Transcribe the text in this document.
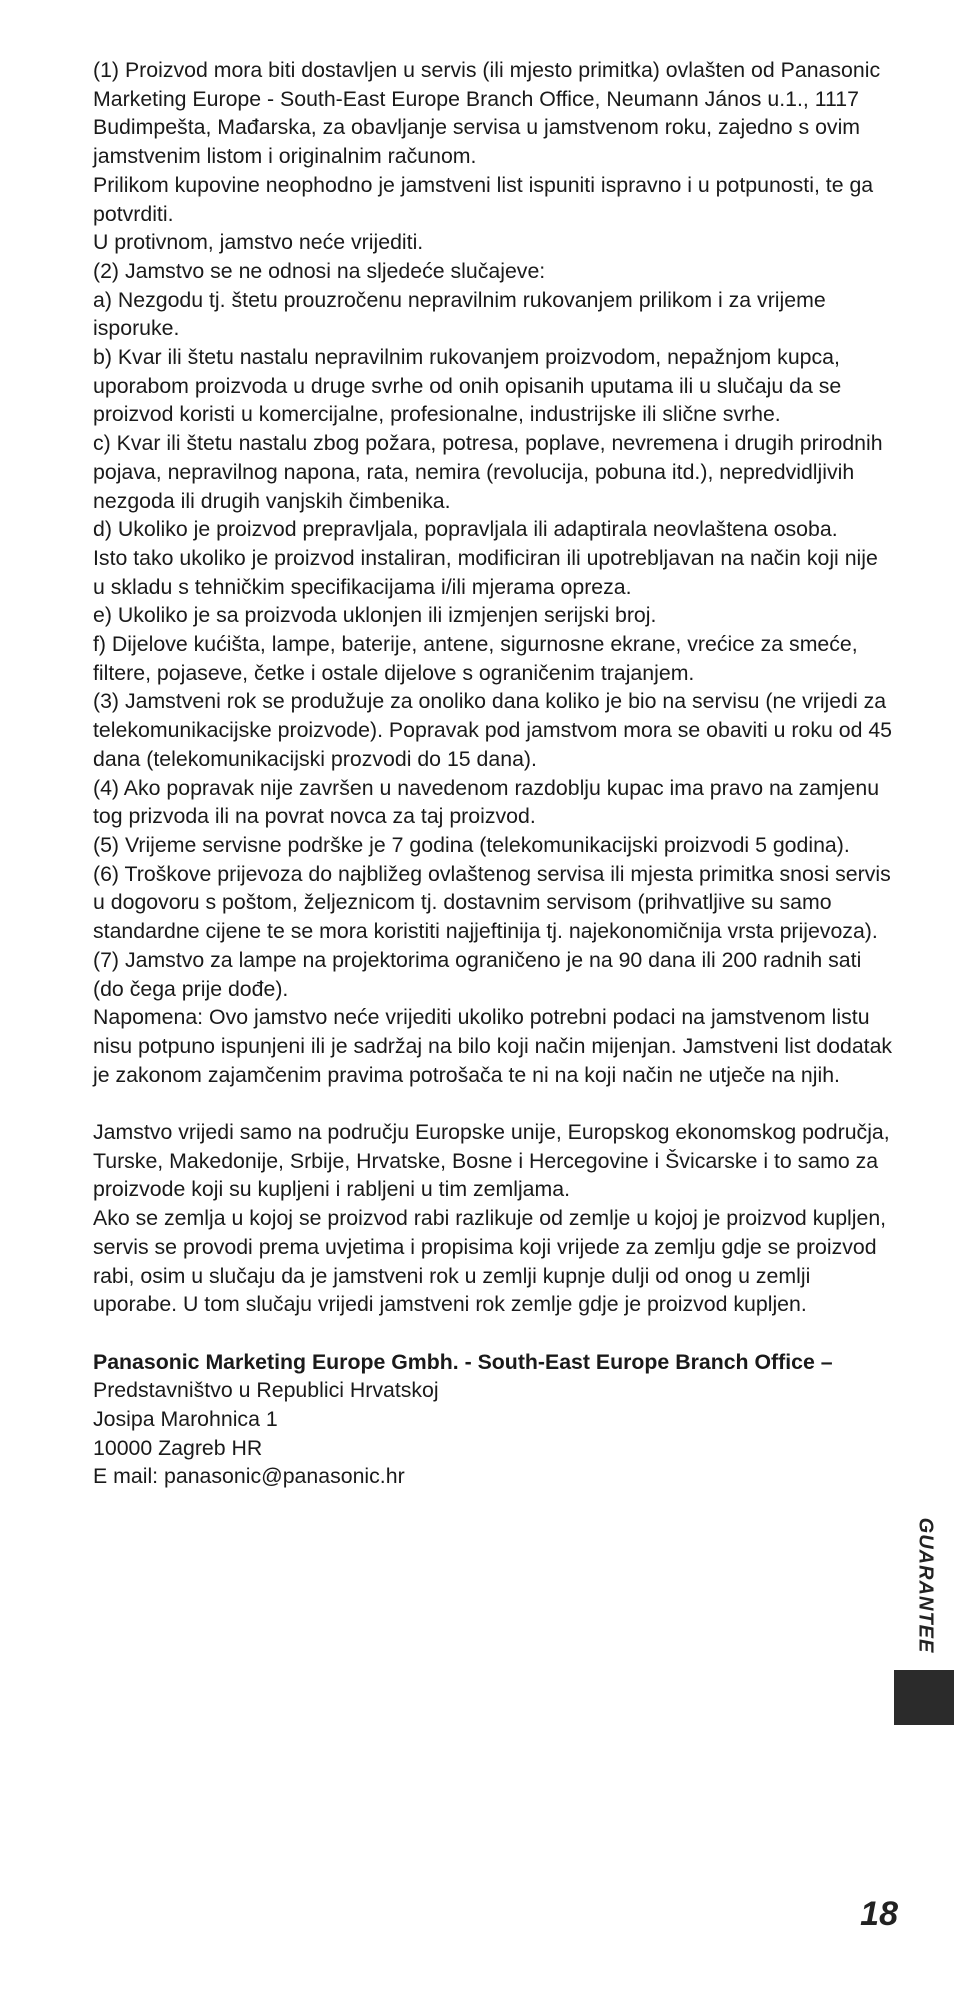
(1) Proizvod mora biti dostavljen u servis (ili mjesto primitka) ovlašten od Panasonic Marketing Europe - South-East Europe Branch Office, Neumann János u.1., 1117 Budimpešta, Mađarska, za obavljanje servisa u jamstvenom roku, zajedno s ovim jamstvenim listom i originalnim računom.

Prilikom kupovine neophodno je jamstveni list ispuniti ispravno i u potpunosti, te ga potvrditi.

U protivnom, jamstvo neće vrijediti.

(2) Jamstvo se ne odnosi na sljedeće slučajeve:

a) Nezgodu tj. štetu prouzročenu nepravilnim rukovanjem prilikom i za vrijeme isporuke.

b) Kvar ili štetu nastalu nepravilnim rukovanjem proizvodom, nepažnjom kupca, uporabom proizvoda u druge svrhe od onih opisanih uputama ili u slučaju da se proizvod koristi u komercijalne, profesionalne, industrijske ili slične svrhe.

c) Kvar ili štetu nastalu zbog požara, potresa, poplave, nevremena i drugih prirodnih pojava, nepravilnog napona, rata, nemira (revolucija, pobuna itd.), nepredvidljivih nezgoda ili drugih vanjskih čimbenika.

d) Ukoliko je proizvod prepravljala, popravljala ili adaptirala neovlaštena osoba.

Isto tako ukoliko je proizvod instaliran, modificiran ili upotrebljavan na način koji nije u skladu s tehničkim specifikacijama i/ili mjerama opreza.

e) Ukoliko je sa proizvoda uklonjen ili izmjenjen serijski broj.

f) Dijelove kućišta, lampe, baterije, antene, sigurnosne ekrane, vrećice za smeće, filtere, pojaseve, četke i ostale dijelove s ograničenim trajanjem.

(3) Jamstveni rok se produžuje za onoliko dana koliko je bio na servisu (ne vrijedi za telekomunikacijske proizvode). Popravak pod jamstvom mora se obaviti u roku od 45 dana (telekomunikacijski prozvodi do 15 dana).

(4) Ako popravak nije završen u navedenom razdoblju kupac ima pravo na zamjenu tog prizvoda ili na povrat novca za taj proizvod.

(5) Vrijeme servisne podrške je 7 godina (telekomunikacijski proizvodi 5 godina).

(6) Troškove prijevoza do najbližeg ovlaštenog servisa ili mjesta primitka snosi servis u dogovoru s poštom, željeznicom tj. dostavnim servisom (prihvatljive su samo standardne cijene te se mora koristiti najjeftinija tj. najekonomičnija vrsta prijevoza).

(7) Jamstvo za lampe na projektorima ograničeno je na 90 dana ili 200 radnih sati (do čega prije dođe).

Napomena: Ovo jamstvo neće vrijediti ukoliko potrebni podaci na jamstvenom listu nisu potpuno ispunjeni ili je sadržaj na bilo koji način mijenjan. Jamstveni list dodatak je zakonom zajamčenim pravima potrošača te ni na koji način ne utječe na njih.

Jamstvo vrijedi samo na području Europske unije, Europskog ekonomskog područja, Turske, Makedonije, Srbije, Hrvatske, Bosne i Hercegovine i Švicarske i to samo za proizvode koji su kupljeni i rabljeni u tim zemljama.

Ako se zemlja u kojoj se proizvod rabi razlikuje od zemlje u kojoj je proizvod kupljen, servis se provodi prema uvjetima i propisima koji vrijede za zemlju gdje se proizvod rabi, osim u slučaju da je jamstveni rok u zemlji kupnje dulji od onog u zemlji uporabe. U tom slučaju vrijedi jamstveni rok zemlje gdje je proizvod kupljen.

Panasonic Marketing Europe Gmbh. - South-East Europe Branch Office –

Predstavništvo u Republici Hrvatskoj

Josipa Marohnica 1

10000 Zagreb HR

E mail: panasonic@panasonic.hr

GUARANTEE
18
